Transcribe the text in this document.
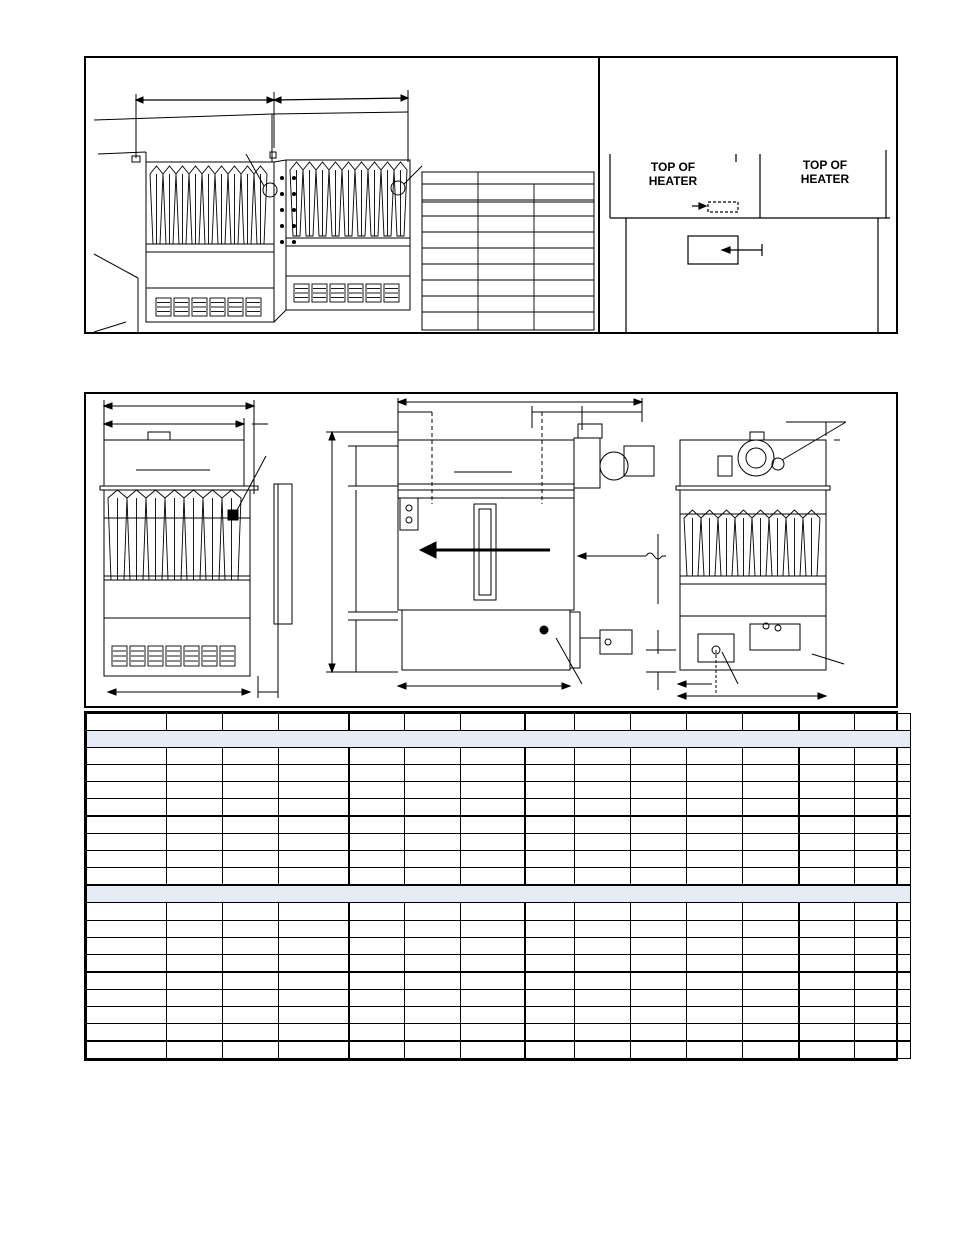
TOP OF
HEATER
TOP OF
HEATER
